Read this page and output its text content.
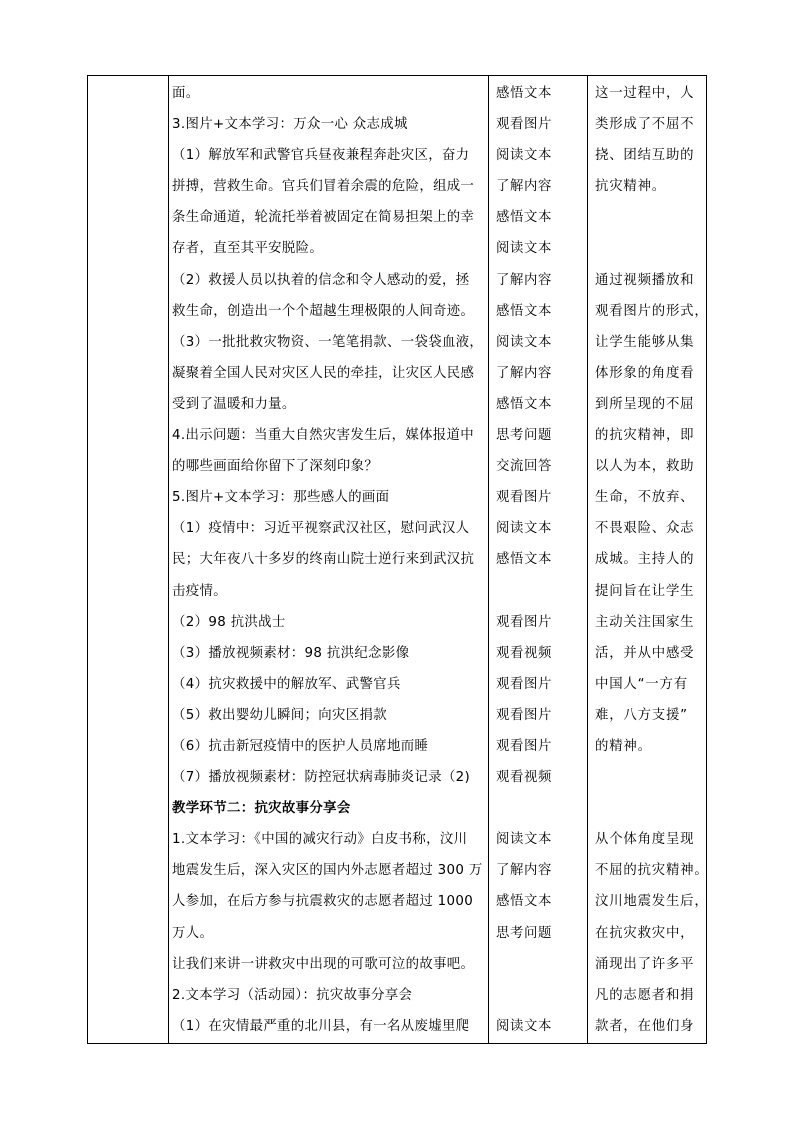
面。
3.图片+文本学习：万众一心 众志成城
（1）解放军和武警官兵昼夜兼程奔赴灾区，奋力
拼搏，营救生命。官兵们冒着余震的危险，组成一
条生命通道，轮流托举着被固定在简易担架上的幸
存者，直至其平安脱险。
（2）救援人员以执着的信念和令人感动的爱，拯
救生命，创造出一个个超越生理极限的人间奇迹。
（3）一批批救灾物资、一笔笔捐款、一袋袋血液，
凝聚着全国人民对灾区人民的牵挂，让灾区人民感
受到了温暖和力量。
4.出示问题：当重大自然灾害发生后，媒体报道中
的哪些画面给你留下了深刻印象？
5.图片+文本学习：那些感人的画面
（1）疫情中：习近平视察武汉社区，慰问武汉人
民；大年夜八十多岁的终南山院士逆行来到武汉抗
击疫情。
（2）98 抗洪战士
（3）播放视频素材：98 抗洪纪念影像
（4）抗灾救援中的解放军、武警官兵
（5）救出婴幼儿瞬间；向灾区捐款
（6）抗击新冠疫情中的医护人员席地而睡
（7）播放视频素材：防控冠状病毒肺炎记录（2)
教学环节二：抗灾故事分享会
1.文本学习：《中国的减灾行动》白皮书称，汶川
地震发生后，深入灾区的国内外志愿者超过 300 万
人参加，在后方参与抗震救灾的志愿者超过 1000
万人。
让我们来讲一讲救灾中出现的可歌可泣的故事吧。
2.文本学习（活动园）：抗灾故事分享会
（1）在灾情最严重的北川县，有一名从废墟里爬
感悟文本
观看图片
阅读文本
了解内容
感悟文本
阅读文本
了解内容
感悟文本
阅读文本
了解内容
感悟文本
思考问题
交流回答
观看图片
阅读文本
感悟文本
观看图片
观看视频
观看图片
观看图片
观看图片
观看视频
阅读文本
了解内容
感悟文本
思考问题
阅读文本
这一过程中，人
类形成了不屈不
挠、团结互助的
抗灾精神。
通过视频播放和
观看图片的形式，
让学生能够从集
体形象的角度看
到所呈现的不屈
的抗灾精神，即
以人为本，救助
生命，不放弃、
不畏艰险、众志
成城。主持人的
提问旨在让学生
主动关注国家生
活，并从中感受
中国人“一方有
难，八方支援”
的精神。
从个体角度呈现
不屈的抗灾精神。
汶川地震发生后，
在抗灾救灾中，
涌现出了许多平
凡的志愿者和捐
款者，在他们身
